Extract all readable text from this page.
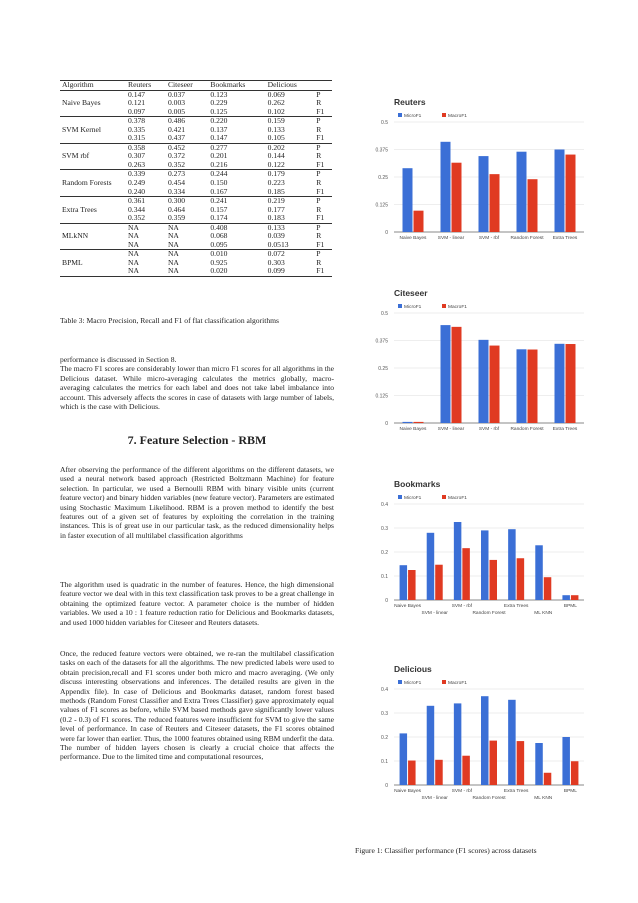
Algorithm	Reuters	Citeseer	Bookmarks	Delicious	
	0.147	0.037	0.123	0.069	P
Naive Bayes	0.121	0.003	0.229	0.262	R
	0.097	0.005	0.125	0.102	F1
	0.378	0.486	0.220	0.159	P
SVM Kernel	0.335	0.421	0.137	0.133	R
	0.315	0.437	0.147	0.105	F1
	0.358	0.452	0.277	0.202	P
SVM rbf	0.307	0.372	0.201	0.144	R
	0.263	0.352	0.216	0.122	F1
	0.339	0.273	0.244	0.179	P
Random Forests	0.249	0.454	0.150	0.223	R
	0.240	0.334	0.167	0.185	F1
	0.361	0.300	0.241	0.219	P
Extra Trees	0.344	0.464	0.157	0.177	R
	0.352	0.359	0.174	0.183	F1
	NA	NA	0.408	0.133	P
MLkNN	NA	NA	0.068	0.039	R
	NA	NA	0.095	0.0513	F1
	NA	NA	0.010	0.072	P
BPML	NA	NA	0.925	0.303	R
	NA	NA	0.020	0.099	F1
Table 3: Macro Precision, Recall and F1 of flat classification algorithms
performance is discussed in Section 8.
The macro F1 scores are considerably lower than micro F1 scores for all algorithms in the Delicious dataset. While micro-averaging calculates the metrics globally, macro-averaging calculates the metrics for each label and does not take label imbalance into account. This adversely affects the scores in case of datasets with large number of labels, which is the case with Delicious.
7. Feature Selection - RBM
After observing the performance of the different algorithms on the different datasets, we used a neural network based approach (Restricted Boltzmann Machine) for feature selection. In particular, we used a Bernoulli RBM with binary visible units (current feature vector) and binary hidden variables (new feature vector). Parameters are estimated using Stochastic Maximum Likelihood. RBM is a proven method to identify the best features out of a given set of features by exploiting the correlation in the training instances. This is of great use in our particular task, as the reduced dimensionality helps in faster execution of all multilabel classification algorithms
The algorithm used is quadratic in the number of features. Hence, the high dimensional feature vector we deal with in this text classification task proves to be a great challenge in obtaining the optimized feature vector. A parameter choice is the number of hidden variables. We used a 10 : 1 feature reduction ratio for Delicious and Bookmarks datasets, and used 1000 hidden variables for Citeseer and Reuters datasets.
Once, the reduced feature vectors were obtained, we re-ran the multilabel classification tasks on each of the datasets for all the algorithms. The new predicted labels were used to obtain precision,recall and F1 scores under both micro and macro averaging. (We only discuss interesting observations and inferences. The detailed results are given in the Appendix file). In case of Delicious and Bookmarks dataset, random forest based methods (Random Forest Classifier and Extra Trees Classifier) gave approximately equal values of F1 scores as before, while SVM based methods gave significantly lower values (0.2 - 0.3) of F1 scores. The reduced features were insufficient for SVM to give the same level of performance. In case of Reuters and Citeseer datasets, the F1 scores obtained were far lower than earlier. Thus, the 1000 features obtained using RBM underfit the data. The number of hidden layers chosen is clearly a crucial choice that affects the performance. Due to the limited time and computational resources,
Reuters
MicroF1	MacroF1
0
0.125
0.25
0.375
0.5
Naive Bayes SVM - linear	SVM - rbf Random Forest Extra Trees
Citeseer
MicroF1	MacroF1
0
0.125
0.25
0.375
0.5
Naive Bayes SVM - linear	SVM - rbf Random Forest Extra Trees
Bookmarks
MicroF1	MacroF1
0
0.1
0.2
0.3
0.4
Naive Bayes
SVM - linear
SVM - rbf
Random Forest
Extra Trees
ML KNN
BPML
Delicious
MicroF1	MacroF1
0
0.1
0.2
0.3
0.4
Naive Bayes
SVM - linear
SVM - rbf
Random Forest
Extra Trees
ML KNN
BPML
Figure 1: Classifier performance (F1 scores) across datasets
